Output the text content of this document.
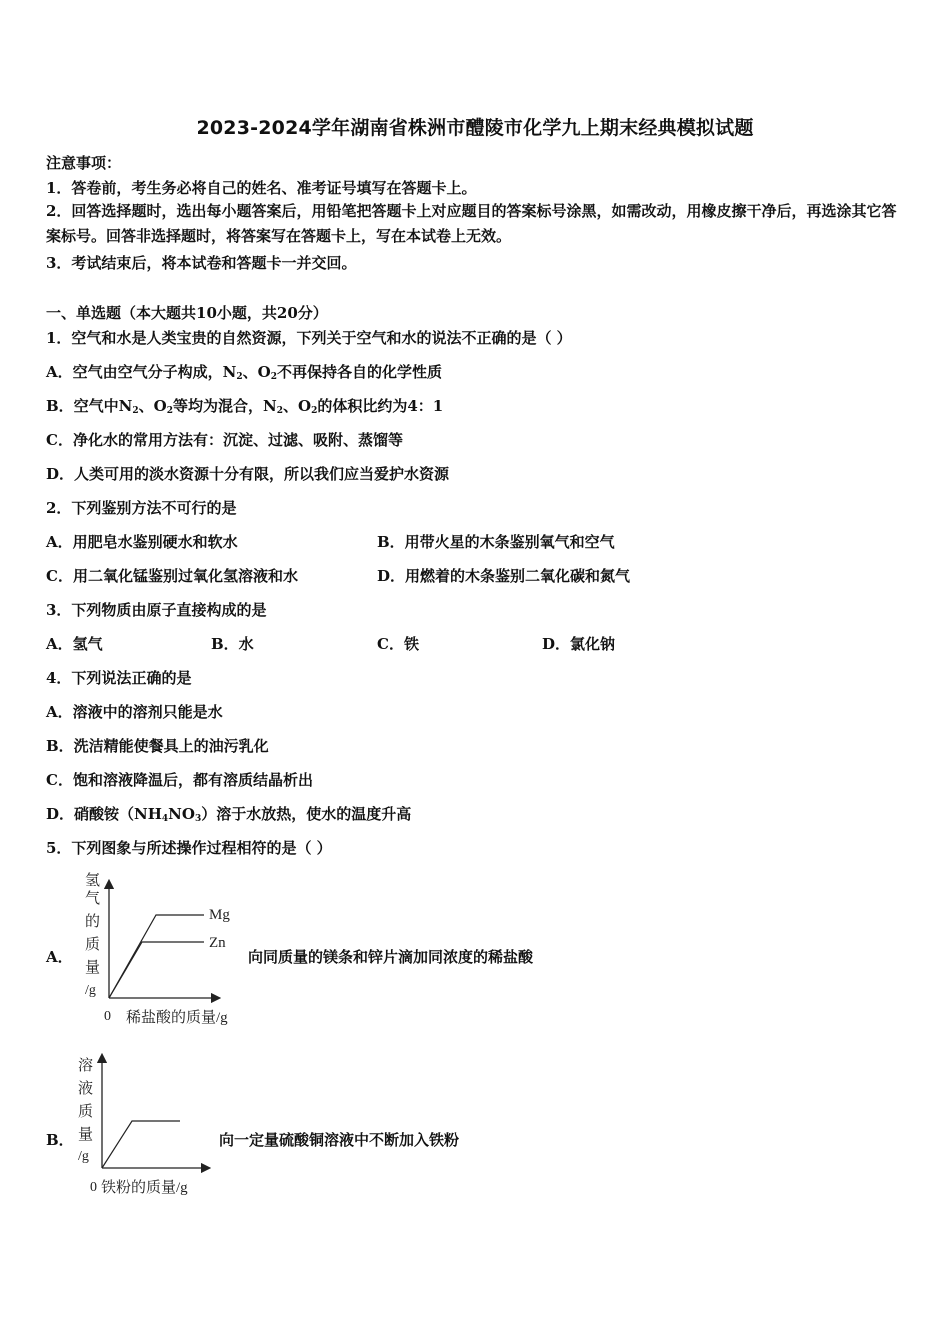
2023-2024学年湖南省株洲市醴陵市化学九上期末经典模拟试题
注意事项：
1．答卷前，考生务必将自己的姓名、准考证号填写在答题卡上。
2．回答选择题时，选出每小题答案后，用铅笔把答题卡上对应题目的答案标号涂黑，如需改动，用橡皮擦干净后，再选涂其它答案标号。回答非选择题时，将答案写在答题卡上，写在本试卷上无效。
3．考试结束后，将本试卷和答题卡一并交回。
一、单选题（本大题共10小题，共20分）
1．空气和水是人类宝贵的自然资源，下列关于空气和水的说法不正确的是（ ）
A．空气由空气分子构成，$N_2$、$O_2$不再保持各自的化学性质
B．空气中$N_2$、$O_2$等均为混合，$N_2$、$O_2$的体积比约为4：1
C．净化水的常用方法有：沉淀、过滤、吸附、蒸馏等
D．人类可用的淡水资源十分有限，所以我们应当爱护水资源
2．下列鉴别方法不可行的是
A．用肥皂水鉴别硬水和软水	B．用带火星的木条鉴别氧气和空气
C．用二氧化锰鉴别过氧化氢溶液和水	D．用燃着的木条鉴别二氧化碳和氮气
3．下列物质由原子直接构成的是
A．氢气	B．水	C．铁	D．氯化钠
4．下列说法正确的是
A．溶液中的溶剂只能是水
B．洗洁精能使餐具上的油污乳化
C．饱和溶液降温后，都有溶质结晶析出
D．硝酸铵$(NH_4NO_3)$溶于水放热，使水的温度升高
5．下列图象与所述操作过程相符的是（ ）
A．
Mg
Zn
氢
气
的
质
量
/g
0 稀盐酸的质量/g
向同质量的镁条和锌片滴加同浓度的稀盐酸
B．
溶
液
质
量
/g
0 铁粉的质量/g
向一定量硫酸铜溶液中不断加入铁粉
